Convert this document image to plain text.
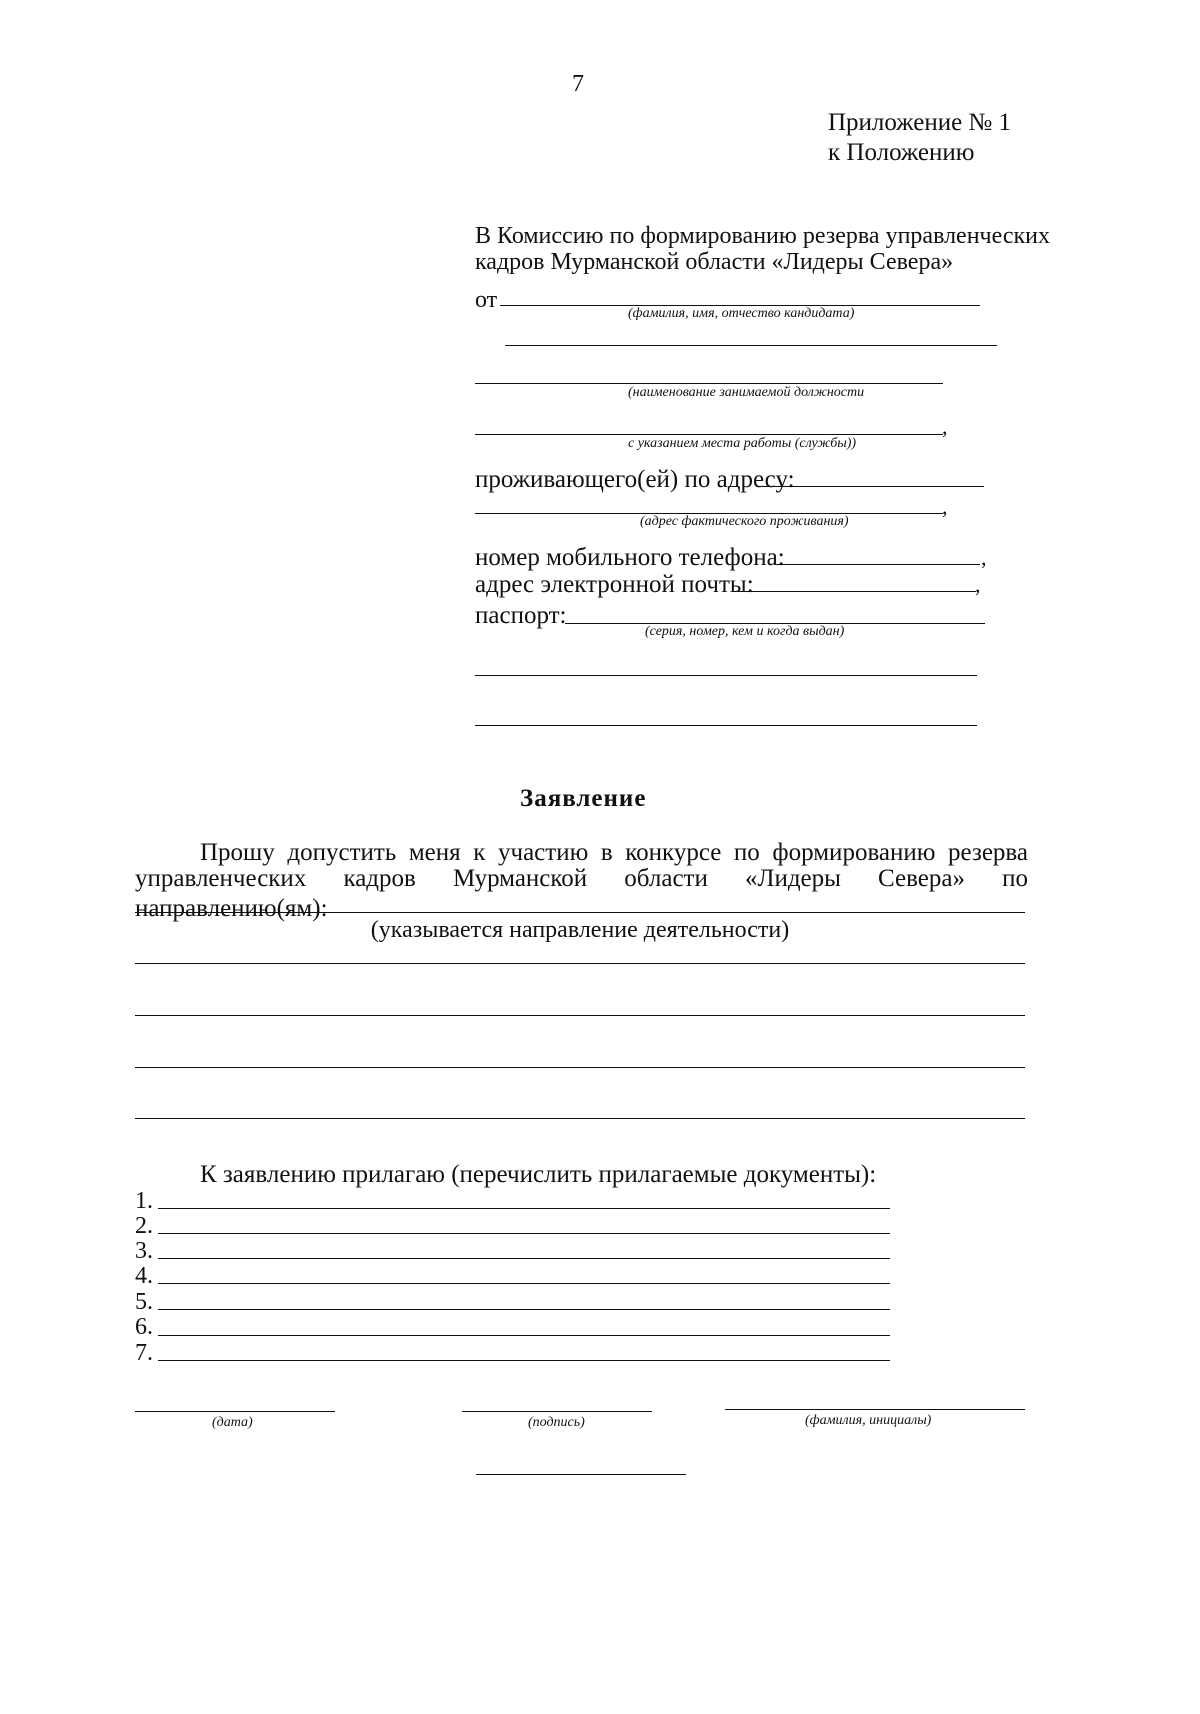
7
Приложение № 1
к Положению
В Комиссию по формированию резерва управленческих
кадров Мурманской области «Лидеры Севера»
от
(фамилия, имя, отчество кандидата)
(наименование занимаемой должности
,
с указанием места работы (службы))
проживающего(ей) по адресу:
,
(адрес фактического проживания)
номер мобильного телефона:	,
адрес электронной почты:	,
паспорт:
(серия, номер, кем и когда выдан)
Заявление
Прошу допустить меня к участию в конкурсе по формированию резерва
управленческих кадров Мурманской области «Лидеры Севера» по направлению(ям):
(указывается направление деятельности)
К заявлению прилагаю (перечислить прилагаемые документы):
1.
2.
3.
4.
5.
6.
7.
(дата)	(подпись)	(фамилия, инициалы)
